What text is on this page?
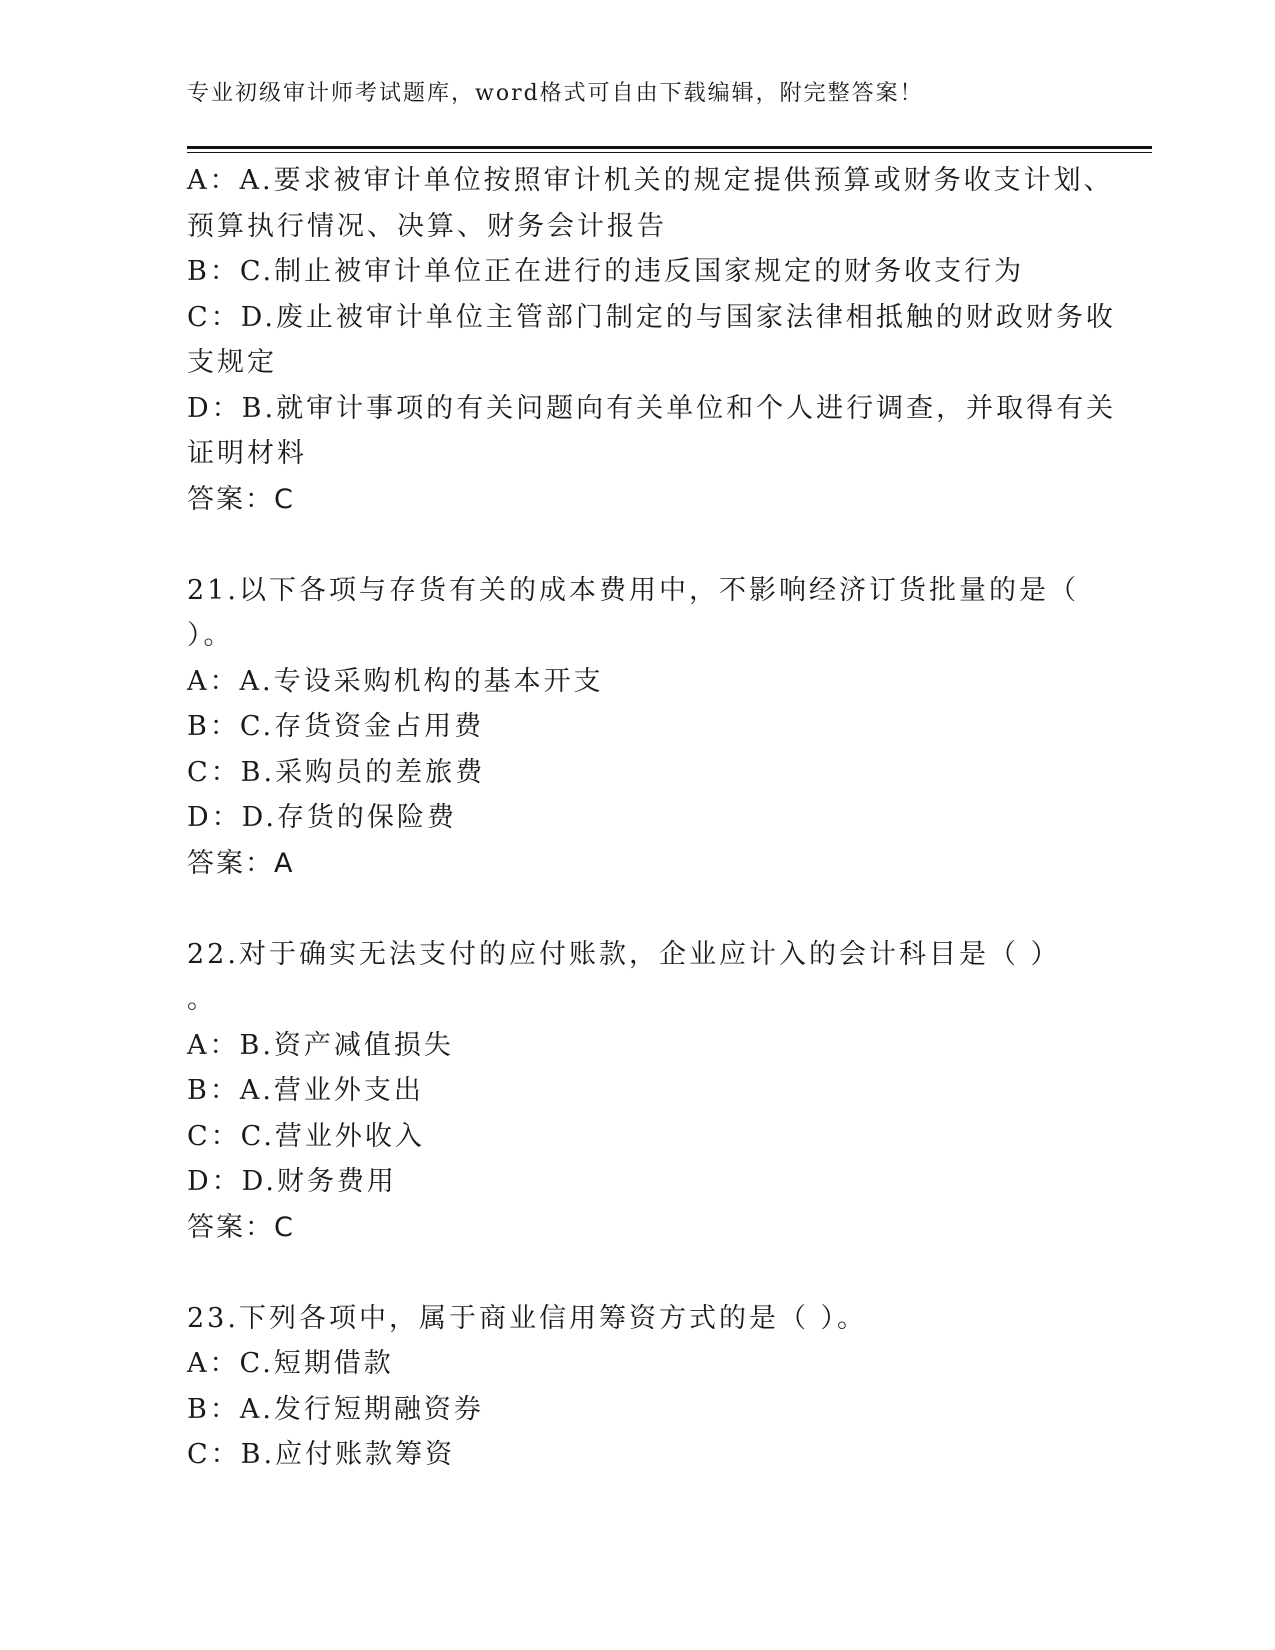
专业初级审计师考试题库，word格式可自由下载编辑，附完整答案！
A：A.要求被审计单位按照审计机关的规定提供预算或财务收支计划、
预算执行情况、决算、财务会计报告
B：C.制止被审计单位正在进行的违反国家规定的财务收支行为
C：D.废止被审计单位主管部门制定的与国家法律相抵触的财政财务收
支规定
D：B.就审计事项的有关问题向有关单位和个人进行调查，并取得有关
证明材料
答案：C
21.以下各项与存货有关的成本费用中，不影响经济订货批量的是（
）。
A：A.专设采购机构的基本开支
B：C.存货资金占用费
C：B.采购员的差旅费
D：D.存货的保险费
答案：A
22.对于确实无法支付的应付账款，企业应计入的会计科目是（ ）
。
A：B.资产减值损失
B：A.营业外支出
C：C.营业外收入
D：D.财务费用
答案：C
23.下列各项中，属于商业信用筹资方式的是（ ）。
A：C.短期借款
B：A.发行短期融资券
C：B.应付账款筹资
